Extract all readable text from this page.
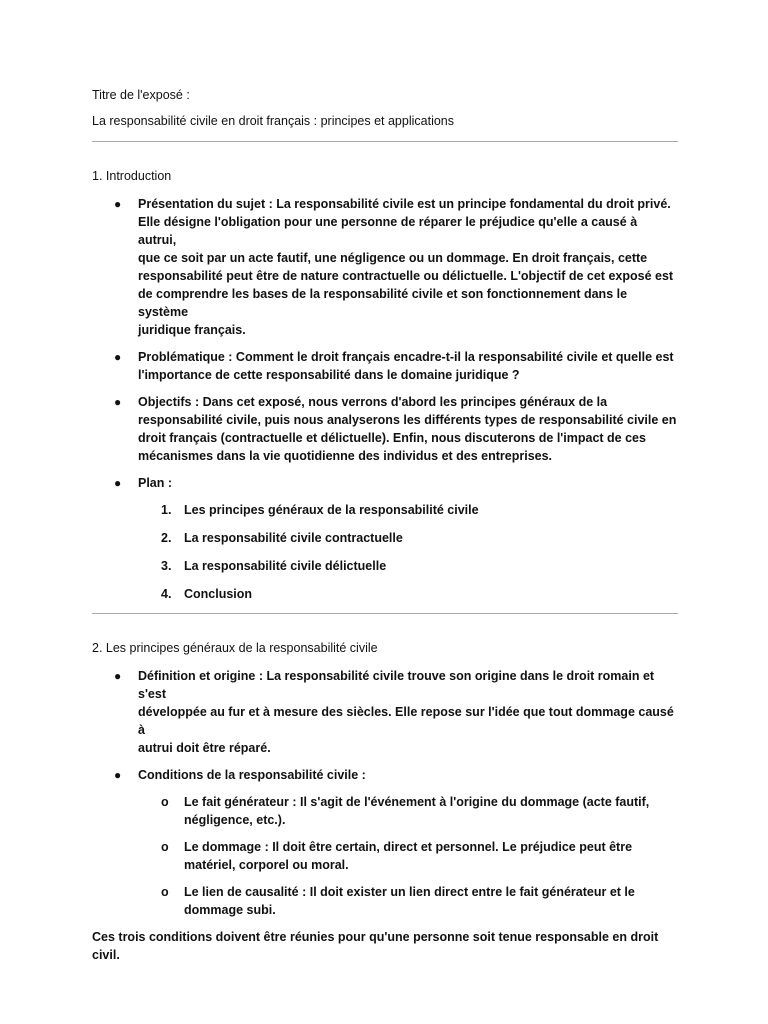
Titre de l'exposé :

La responsabilité civile en droit français : principes et applications

1. Introduction

● Présentation du sujet : La responsabilité civile est un principe fondamental du droit privé.
Elle désigne l'obligation pour une personne de réparer le préjudice qu'elle a causé à autrui,
que ce soit par un acte fautif, une négligence ou un dommage. En droit français, cette
responsabilité peut être de nature contractuelle ou délictuelle. L'objectif de cet exposé est
de comprendre les bases de la responsabilité civile et son fonctionnement dans le système
juridique français.
● Problématique : Comment le droit français encadre-t-il la responsabilité civile et quelle est
l'importance de cette responsabilité dans le domaine juridique ?
● Objectifs : Dans cet exposé, nous verrons d'abord les principes généraux de la
responsabilité civile, puis nous analyserons les différents types de responsabilité civile en
droit français (contractuelle et délictuelle). Enfin, nous discuterons de l'impact de ces
mécanismes dans la vie quotidienne des individus et des entreprises.
● Plan :
1. Les principes généraux de la responsabilité civile
2. La responsabilité civile contractuelle
3. La responsabilité civile délictuelle
4. Conclusion

2. Les principes généraux de la responsabilité civile

● Définition et origine : La responsabilité civile trouve son origine dans le droit romain et s'est
développée au fur et à mesure des siècles. Elle repose sur l'idée que tout dommage causé à
autrui doit être réparé.
● Conditions de la responsabilité civile :
o Le fait générateur : Il s'agit de l'événement à l'origine du dommage (acte fautif,
négligence, etc.).
o Le dommage : Il doit être certain, direct et personnel. Le préjudice peut être
matériel, corporel ou moral.
o Le lien de causalité : Il doit exister un lien direct entre le fait générateur et le
dommage subi.
Ces trois conditions doivent être réunies pour qu'une personne soit tenue responsable en droit
civil.
